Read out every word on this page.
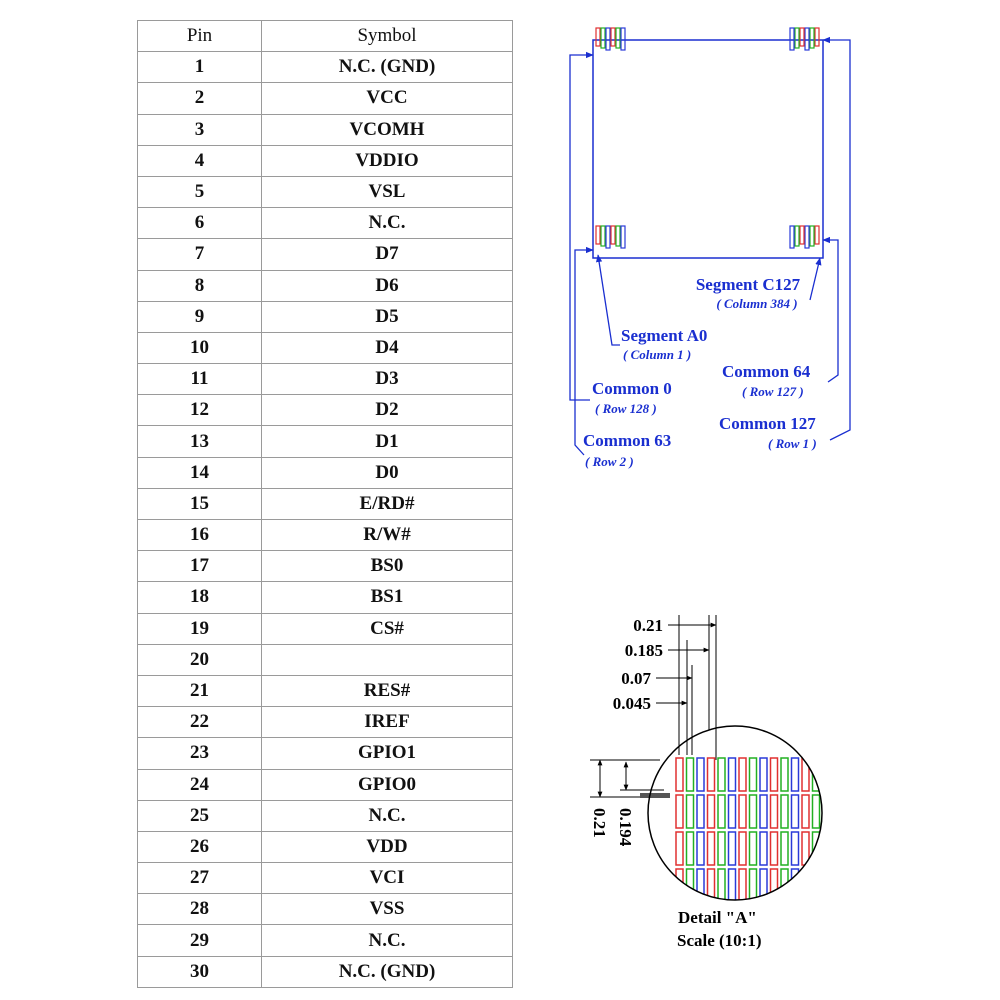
Pin	Symbol
1	N.C. (GND)
2	VCC
3	VCOMH
4	VDDIO
5	VSL
6	N.C.
7	D7
8	D6
9	D5
10	D4
11	D3
12	D2
13	D1
14	D0
15	E/RD#
16	R/W#
17	BS0
18	BS1
19	CS#
20	
21	RES#
22	IREF
23	GPIO1
24	GPIO0
25	N.C.
26	VDD
27	VCI
28	VSS
29	N.C.
30	N.C. (GND)
Segment C127
( Column 384 )
Segment A0
( Column 1 )
Common 64
( Row 127 )
Common 0
( Row 128 )
Common 127
( Row 1 )
Common 63
( Row 2 )
0.21
0.185
0.07
0.045
0.21 0.194
Detail "A"
Scale (10:1)
